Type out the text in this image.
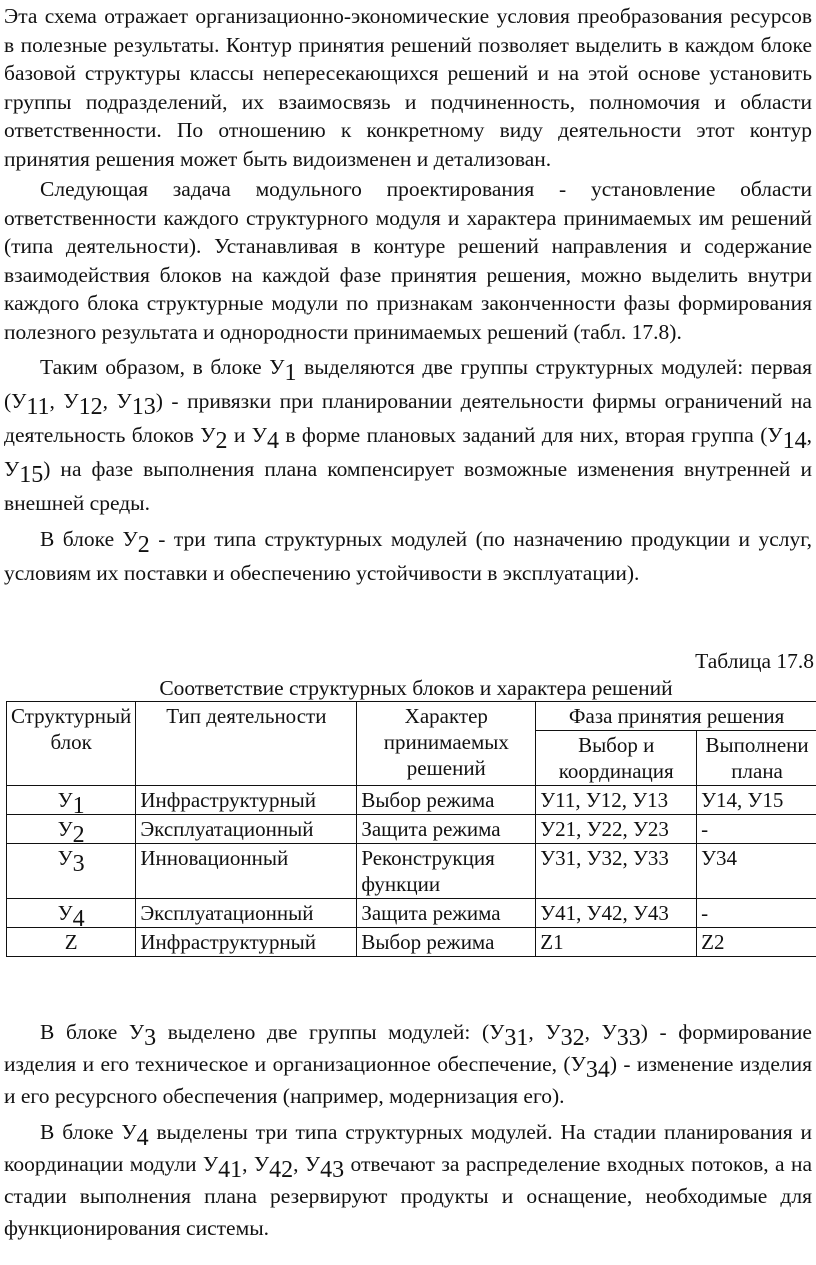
Эта схема отражает организационно-экономические условия преобразования ресурсов в полезные результаты. Контур принятия решений позволяет выделить в каждом блоке базовой структуры классы непересекающихся решений и на этой основе установить группы подразделений, их взаимосвязь и подчиненность, полномочия и области ответственности. По отношению к конкретному виду деятельности этот контур принятия решения может быть видоизменен и детализован.

Следующая задача модульного проектирования - установление области ответственности каждого структурного модуля и характера принимаемых им решений (типа деятельности). Устанавливая в контуре решений направления и содержание взаимодействия блоков на каждой фазе принятия решения, можно выделить внутри каждого блока структурные модули по признакам законченности фазы формирования полезного результата и однородности принимаемых решений (табл. 17.8).

Таким образом, в блоке $У_1$ выделяются две группы структурных модулей: первая ($У_{11}$, $У_{12}$, $У_{13}$) - привязки при планировании деятельности фирмы ограничений на деятельность блоков $У_2$ и $У_4$ в форме плановых заданий для них, вторая группа ($У_{14}$, $У_{15}$) на фазе выполнения плана компенсирует возможные изменения внутренней и внешней среды.

В блоке $У_2$ - три типа структурных модулей (по назначению продукции и услуг, условиям их поставки и обеспечению устойчивости в эксплуатации).

Таблица 17.8
Соответствие структурных блоков и характера решений
Структурный блок	Тип деятельности	Характер принимаемых решений	Фаза принятия решения	
			Выбор и координация	Выполнени плана
$У_1$	Инфраструктурный	Выбор режима	У11, У12, У13	У14, У15
$У_2$	Эксплуатационный	Защита режима	У21, У22, У23	-
$У_3$	Инновационный	Реконструкция функции	У31, У32, У33	У34
$У_4$	Эксплуатационный	Защита режима	У41, У42, У43	-
Z	Инфраструктурный	Выбор режима	Z1	Z2

В блоке $У_3$ выделено две группы модулей: ($У_{31}$, $У_{32}$, $У_{33}$) - формирование изделия и его техническое и организационное обеспечение, $(У_{34})$ - изменение изделия и его ресурсного обеспечения (например, модернизация его).

В блоке $У_4$ выделены три типа структурных модулей. На стадии планирования и координации модули $У_{41}$, $У_{42}$, $У_{43}$ отвечают за распределение входных потоков, а на стадии выполнения плана резервируют продукты и оснащение, необходимые для функционирования системы.
